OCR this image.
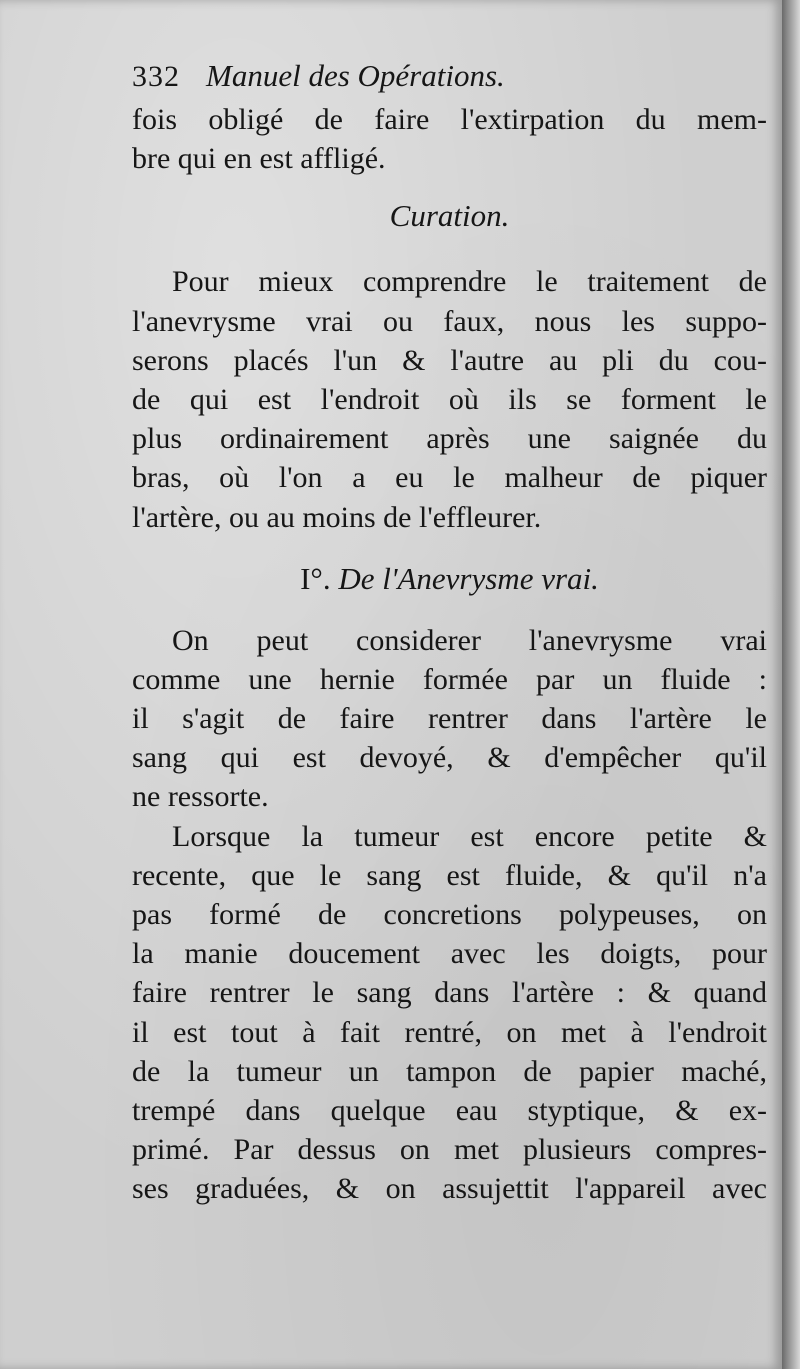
332 Manuel des Opérations.
fois obligé de faire l'extirpation du mem-
bre qui en est affligé.
Curation.
Pour mieux comprendre le traitement de
l'anevrysme vrai ou faux, nous les suppo-
serons placés l'un & l'autre au pli du cou-
de qui est l'endroit où ils se forment le
plus ordinairement après une saignée du
bras, où l'on a eu le malheur de piquer
l'artère, ou au moins de l'effleurer.
I°. De l'Anevrysme vrai.
On peut considerer l'anevrysme vrai
comme une hernie formée par un fluide :
il s'agit de faire rentrer dans l'artère le
sang qui est devoyé, & d'empêcher qu'il
ne ressorte.
Lorsque la tumeur est encore petite &
recente, que le sang est fluide, & qu'il n'a
pas formé de concretions polypeuses, on
la manie doucement avec les doigts, pour
faire rentrer le sang dans l'artère : & quand
il est tout à fait rentré, on met à l'endroit
de la tumeur un tampon de papier maché,
trempé dans quelque eau styptique, & ex-
primé. Par dessus on met plusieurs compres-
ses graduées, & on assujettit l'appareil avec
